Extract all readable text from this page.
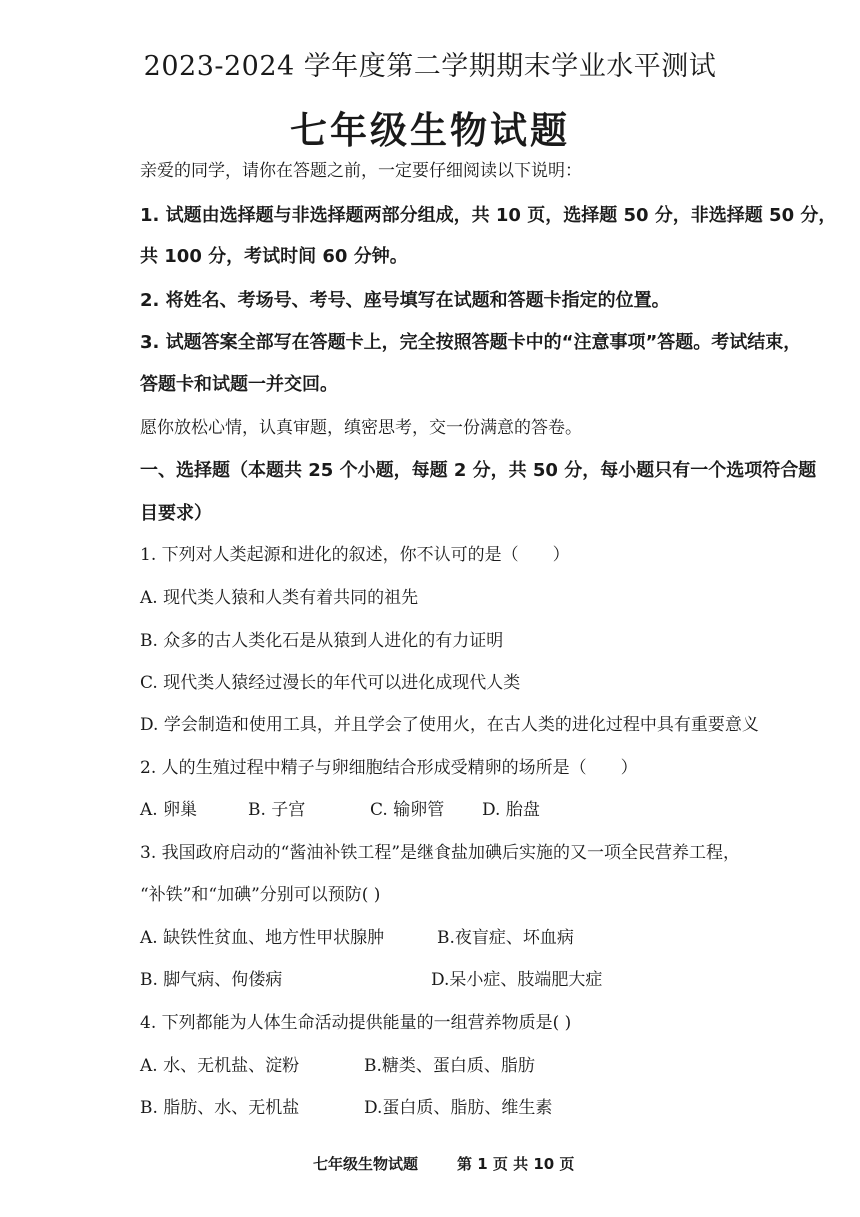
2023-2024 学年度第二学期期末学业水平测试
七年级生物试题
亲爱的同学，请你在答题之前，一定要仔细阅读以下说明：
1. 试题由选择题与非选择题两部分组成，共 10 页，选择题 50 分，非选择题 50 分，
共 100 分，考试时间 60 分钟。
2. 将姓名、考场号、考号、座号填写在试题和答题卡指定的位置。
3. 试题答案全部写在答题卡上，完全按照答题卡中的“注意事项”答题。考试结束，
答题卡和试题一并交回。
愿你放松心情，认真审题，缜密思考，交一份满意的答卷。
一、选择题（本题共 25 个小题，每题 2 分，共 50 分，每小题只有一个选项符合题
目要求）
1. 下列对人类起源和进化的叙述，你不认可的是（　　）
A. 现代类人猿和人类有着共同的祖先
B. 众多的古人类化石是从猿到人进化的有力证明
C. 现代类人猿经过漫长的年代可以进化成现代人类
D. 学会制造和使用工具，并且学会了使用火，在古人类的进化过程中具有重要意义
2. 人的生殖过程中精子与卵细胞结合形成受精卵的场所是（　　）
A. 卵巢	B. 子宫	C. 输卵管 D. 胎盘
3. 我国政府启动的“酱油补铁工程”是继食盐加碘后实施的又一项全民营养工程，
“补铁”和“加碘”分别可以预防( )
A. 缺铁性贫血、地方性甲状腺肿	B.夜盲症、坏血病
B. 脚气病、佝偻病	D.呆小症、肢端肥大症
4. 下列都能为人体生命活动提供能量的一组营养物质是( )
A. 水、无机盐、淀粉	B.糖类、蛋白质、脂肪
B. 脂肪、水、无机盐	D.蛋白质、脂肪、维生素
七年级生物试题	第 1 页 共 10 页
